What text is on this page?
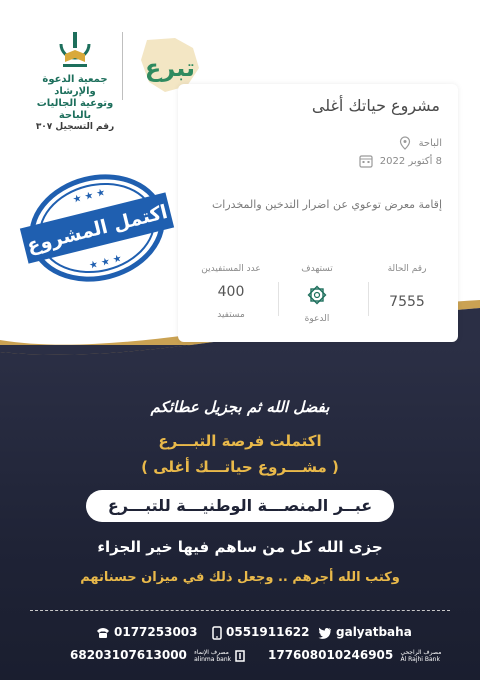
جمعية الدعوة والإرشاد
وتوعية الجاليات بالباحة
رقم التسجيل ٣٠٧
تبرع
مشروع حياتك أغلى
الباحة
8 أكتوبر 2022
إقامة معرض توعوي عن اضرار التدخين والمخدرات
رقم الحالة
7555
تستهدف
الدعوة
عدد المستفيدين
400
مستفيد
اكتمل المشروع
★ ★ ★
★ ★ ★
بفضل الله ثم بجزيل عطائكم
اكتملت فرصة التبـــرع
( مشـــروع حياتـــك أغلى )
عبــر المنصـــة الوطنيـــة للتبـــرع
جزى الله كل من ساهم فيها خير الجزاء
وكتب الله أجرهم .. وجعل ذلك في ميزان حسناتهم
0177253003	0551911622	galyatbaha
68203107613000 مصرف الإنماء
alinma bank	177608010246905 مصرف الراجحي
Al Rajhi Bank
